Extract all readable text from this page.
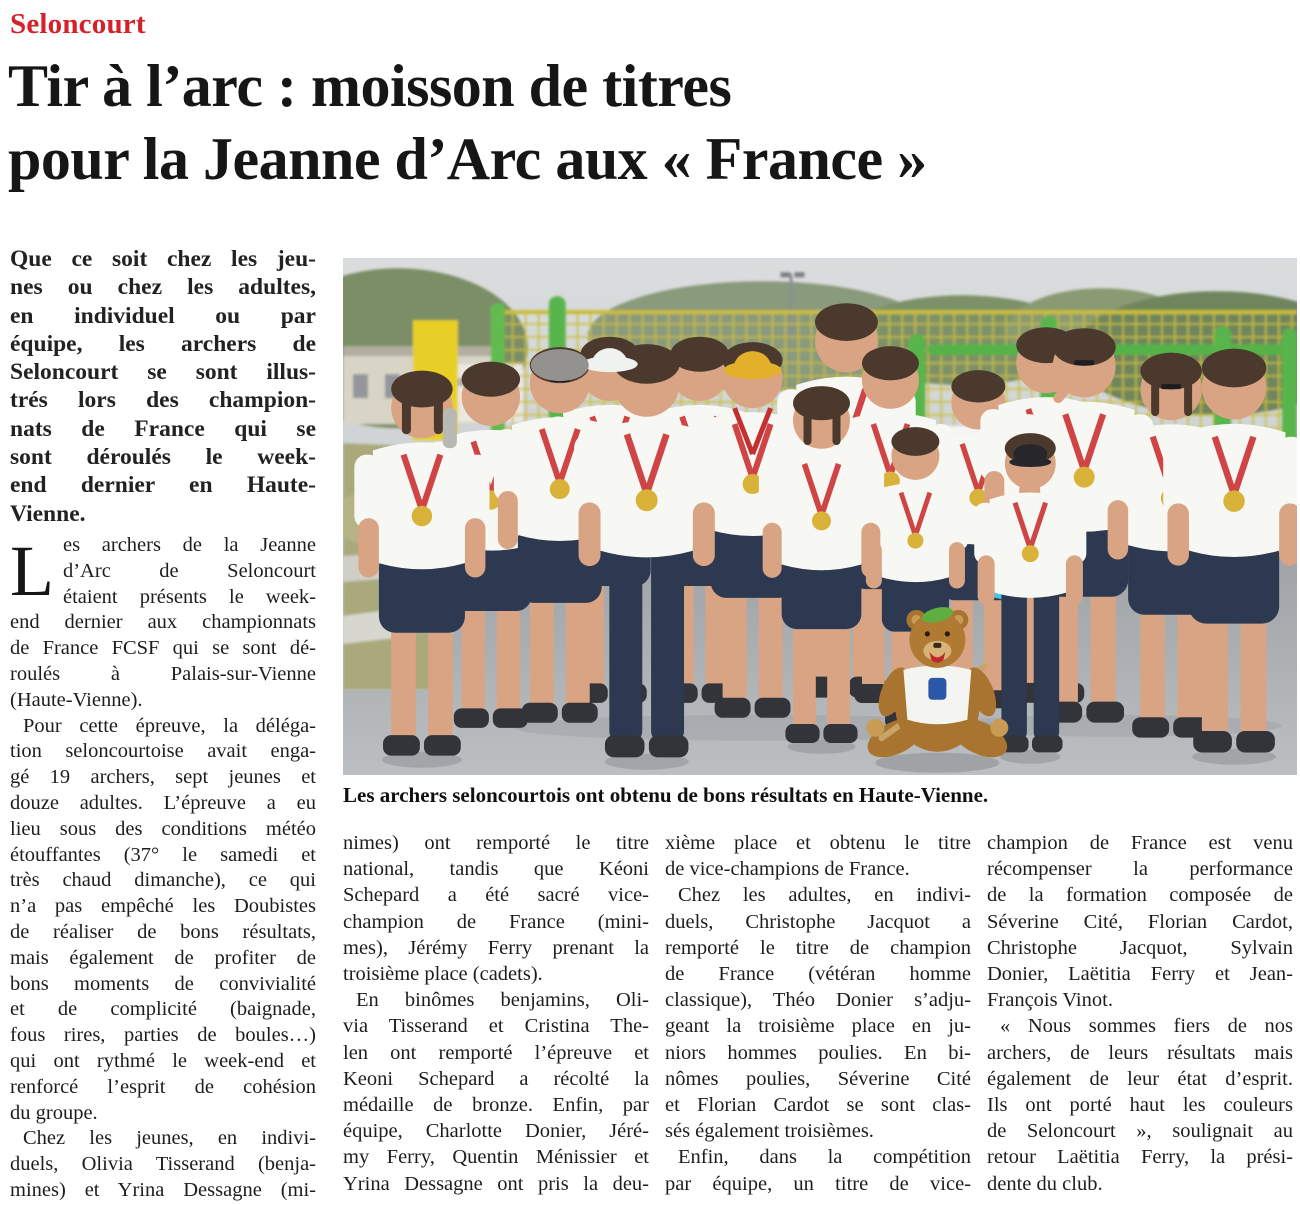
Seloncourt
Tir à l’arc : moisson de titres
pour la Jeanne d’Arc aux « France »
Que ce soit chez les jeu-
nes ou chez les adultes,
en individuel ou par
équipe, les archers de
Seloncourt se sont illus-
trés lors des champion-
nats de France qui se
sont déroulés le week-
end dernier en Haute-
Vienne.
L es archers de la Jeanne
d’Arc de Seloncourt
étaient présents le week-
end dernier aux championnats
de France FCSF qui se sont dé-
roulés à Palais-sur-Vienne
(Haute-Vienne).
Pour cette épreuve, la déléga-
tion seloncourtoise avait enga-
gé 19 archers, sept jeunes et
douze adultes. L’épreuve a eu
lieu sous des conditions météo
étouffantes (37° le samedi et
très chaud dimanche), ce qui
n’a pas empêché les Doubistes
de réaliser de bons résultats,
mais également de profiter de
bons moments de convivialité
et de complicité (baignade,
fous rires, parties de boules…)
qui ont rythmé le week-end et
renforcé l’esprit de cohésion
du groupe.
Chez les jeunes, en indivi-
duels, Olivia Tisserand (benja-
mines) et Yrina Dessagne (mi-
Les archers seloncourtois ont obtenu de bons résultats en Haute-Vienne.
nimes) ont remporté le titre
national, tandis que Kéoni
Schepard a été sacré vice-
champion de France (mini-
mes), Jérémy Ferry prenant la
troisième place (cadets).
En binômes benjamins, Oli-
via Tisserand et Cristina The-
len ont remporté l’épreuve et
Keoni Schepard a récolté la
médaille de bronze. Enfin, par
équipe, Charlotte Donier, Jéré-
my Ferry, Quentin Ménissier et
Yrina Dessagne ont pris la deu-
xième place et obtenu le titre
de vice-champions de France.
Chez les adultes, en indivi-
duels, Christophe Jacquot a
remporté le titre de champion
de France (vétéran homme
classique), Théo Donier s’adju-
geant la troisième place en ju-
niors hommes poulies. En bi-
nômes poulies, Séverine Cité
et Florian Cardot se sont clas-
sés également troisièmes.
Enfin, dans la compétition
par équipe, un titre de vice-
champion de France est venu
récompenser la performance
de la formation composée de
Séverine Cité, Florian Cardot,
Christophe Jacquot, Sylvain
Donier, Laëtitia Ferry et Jean-
François Vinot.
« Nous sommes fiers de nos
archers, de leurs résultats mais
également de leur état d’esprit.
Ils ont porté haut les couleurs
de Seloncourt », soulignait au
retour Laëtitia Ferry, la prési-
dente du club.
